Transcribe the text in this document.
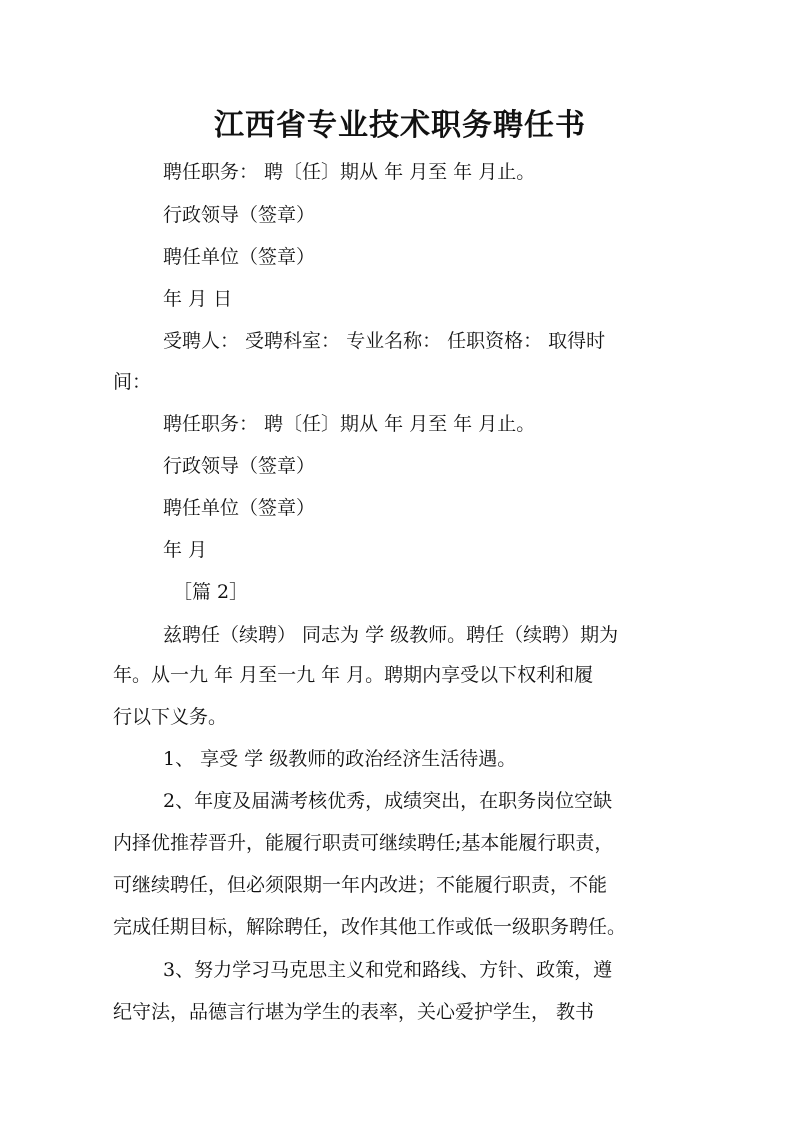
江西省专业技术职务聘任书
聘任职务： 聘〔任〕期从 年 月至 年 月止。
行政领导（签章）
聘任单位（签章）
年 月 日
受聘人： 受聘科室： 专业名称： 任职资格： 取得时
间：
聘任职务： 聘〔任〕期从 年 月至 年 月止。
行政领导（签章）
聘任单位（签章）
年 月
［篇 2］
兹聘任（续聘） 同志为 学 级教师。聘任（续聘）期为
年。从一九 年 月至一九 年 月。聘期内享受以下权利和履
行以下义务。
1、 享受 学 级教师的政治经济生活待遇。
2、年度及届满考核优秀，成绩突出，在职务岗位空缺
内择优推荐晋升，能履行职责可继续聘任;基本能履行职责，
可继续聘任，但必须限期一年内改进；不能履行职责，不能
完成任期目标，解除聘任，改作其他工作或低一级职务聘任。
3、努力学习马克思主义和党和路线、方针、政策，遵
纪守法，品德言行堪为学生的表率，关心爱护学生， 教书
